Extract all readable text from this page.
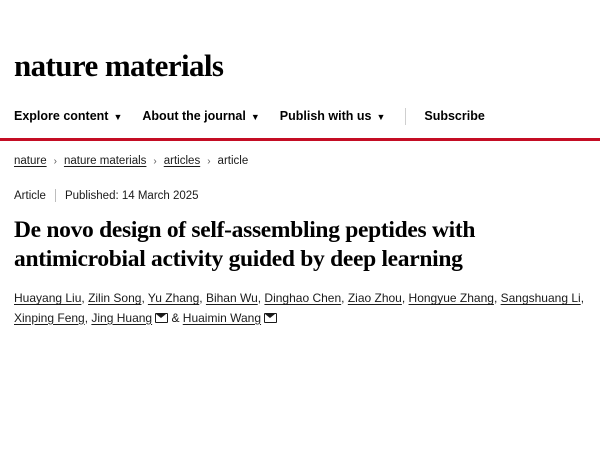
nature materials
Explore content ▼ About the journal ▼ Publish with us ▼	Subscribe
nature › nature materials › articles › article
Article Published: 14 March 2025
De novo design of self-assembling peptides with antimicrobial activity guided by deep learning
Huayang Liu, Zilin Song, Yu Zhang, Bihan Wu, Dinghao Chen, Ziao Zhou, Hongyue Zhang, Sangshuang Li, Xinping Feng, Jing Huang & Huaimin Wang
